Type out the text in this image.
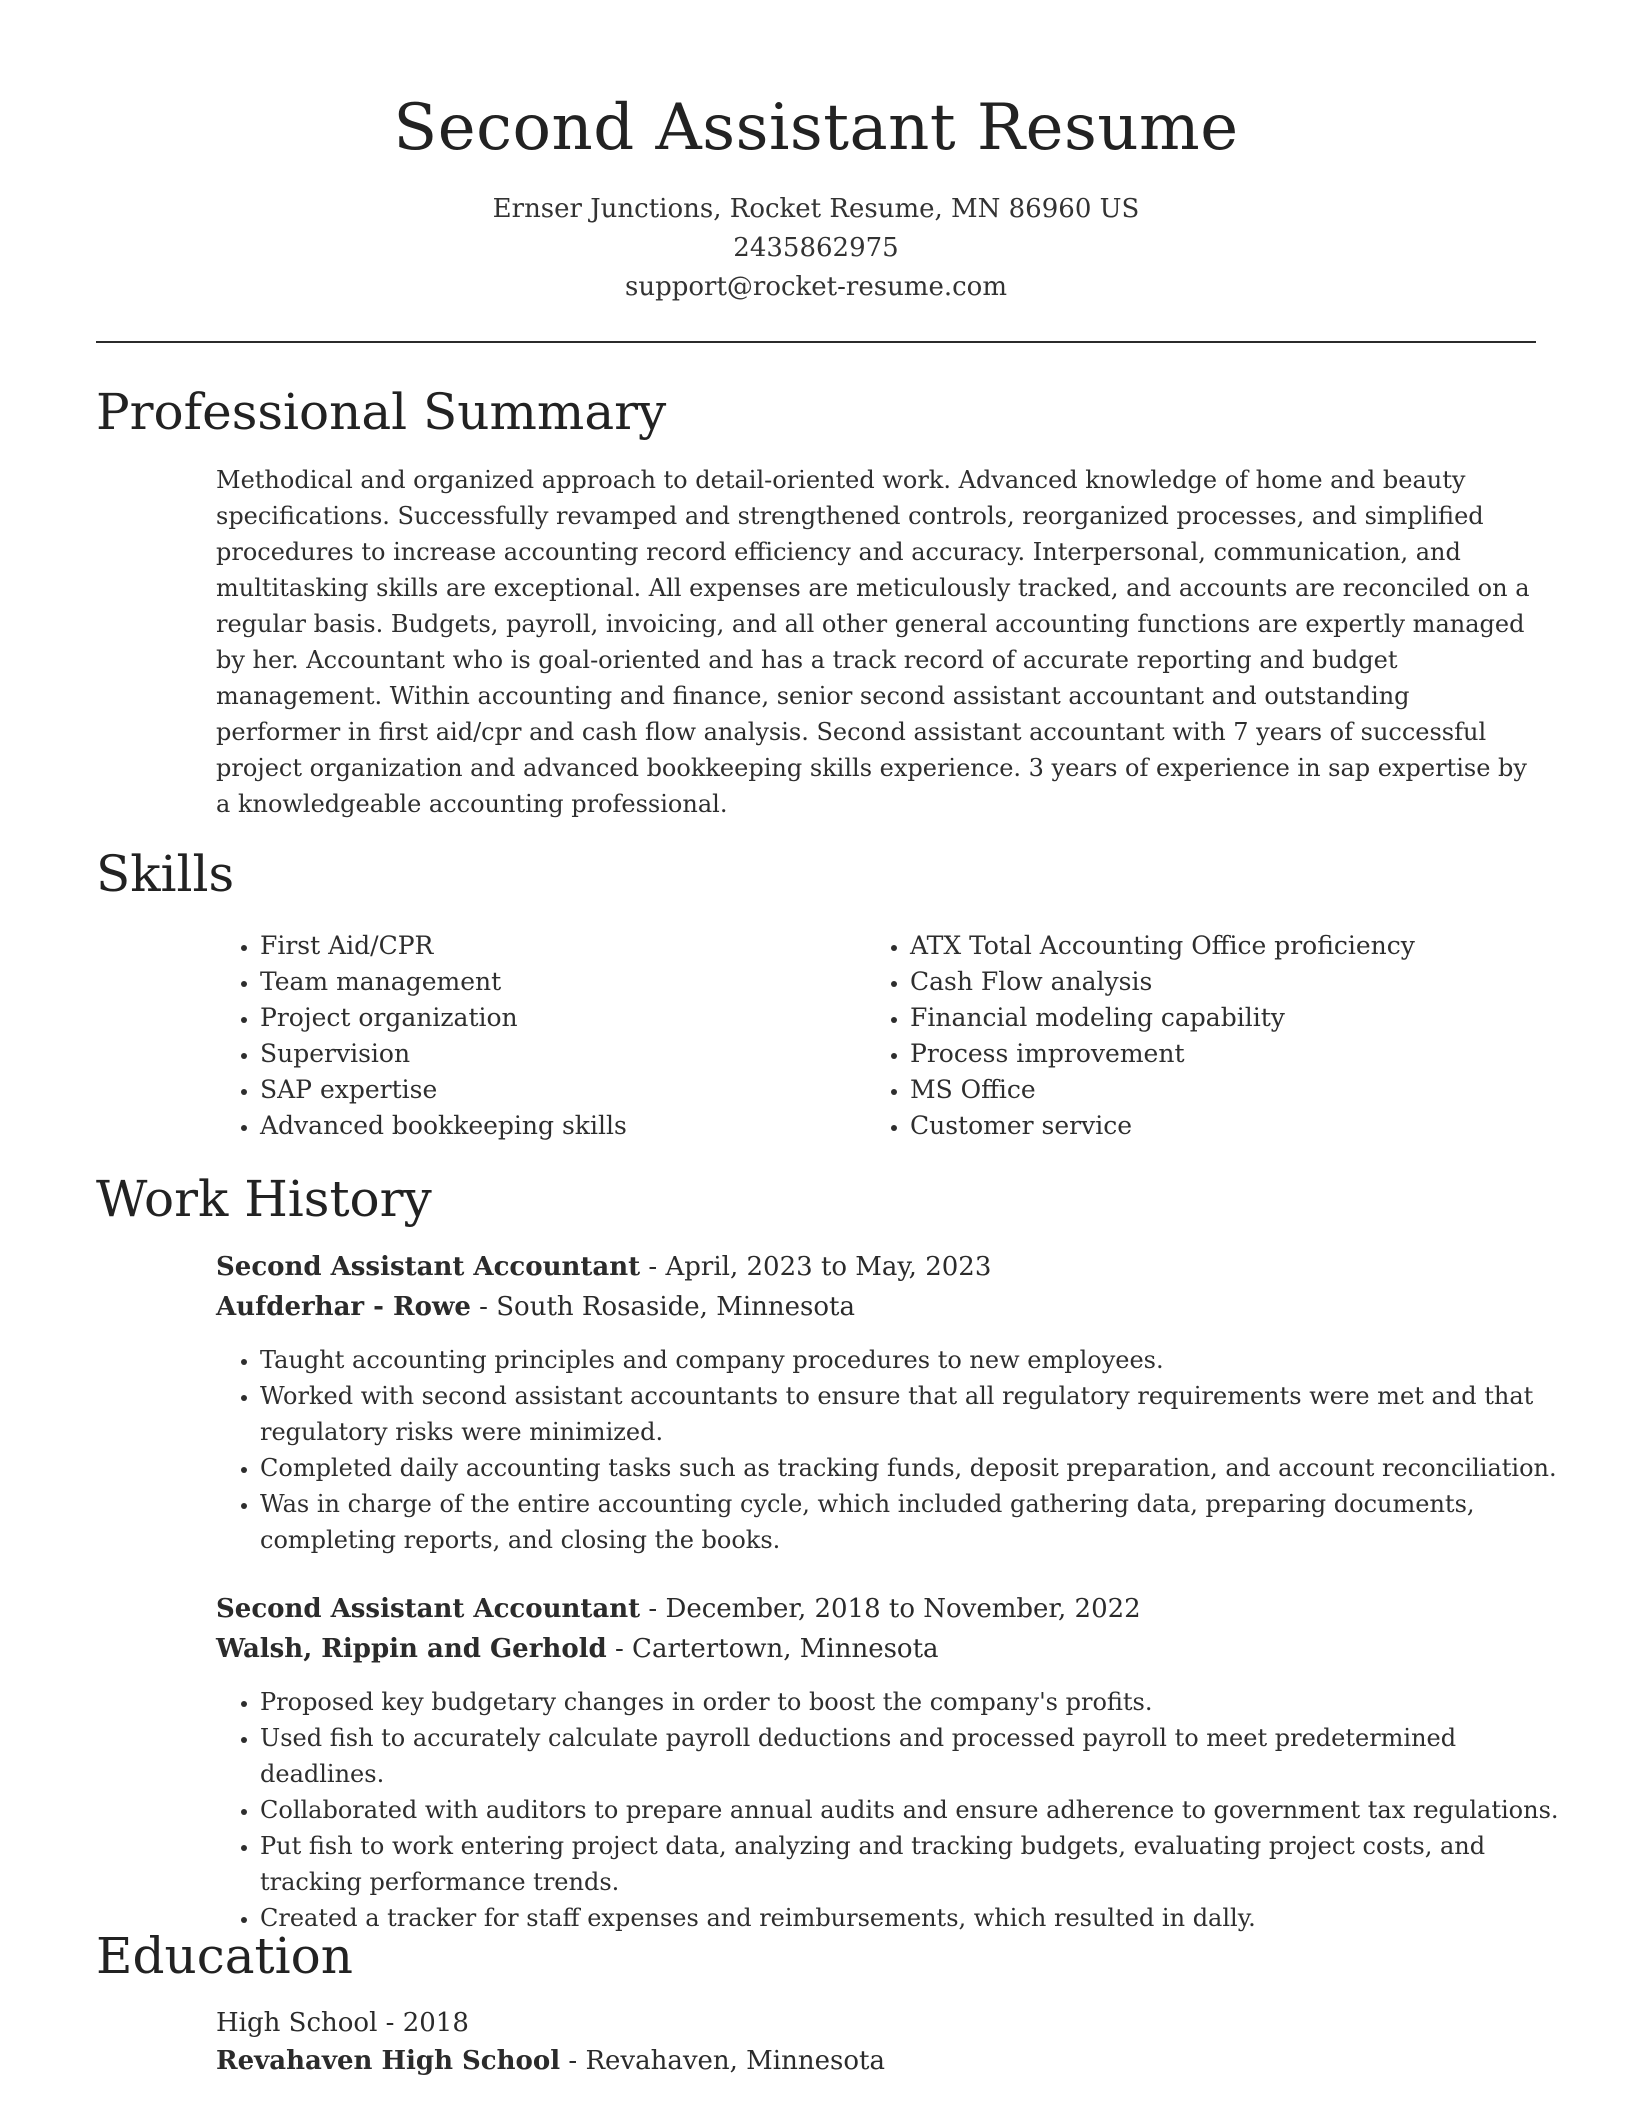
Second Assistant Resume
Ernser Junctions, Rocket Resume, MN 86960 US
2435862975
support@rocket-resume.com
Professional Summary

Methodical and organized approach to detail-oriented work. Advanced knowledge of home and beauty specifications. Successfully revamped and strengthened controls, reorganized processes, and simplified procedures to increase accounting record efficiency and accuracy. Interpersonal, communication, and multitasking skills are exceptional. All expenses are meticulously tracked, and accounts are reconciled on a regular basis. Budgets, payroll, invoicing, and all other general accounting functions are expertly managed by her. Accountant who is goal-oriented and has a track record of accurate reporting and budget management. Within accounting and finance, senior second assistant accountant and outstanding performer in first aid/cpr and cash flow analysis. Second assistant accountant with 7 years of successful project organization and advanced bookkeeping skills experience. 3 years of experience in sap expertise by a knowledgeable accounting professional.

Skills
• First Aid/CPR
• Team management
• Project organization
• Supervision
• SAP expertise
• Advanced bookkeeping skills
• ATX Total Accounting Office proficiency
• Cash Flow analysis
• Financial modeling capability
• Process improvement
• MS Office
• Customer service
Work History
Second Assistant Accountant - April, 2023 to May, 2023
Aufderhar - Rowe - South Rosaside, Minnesota
• Taught accounting principles and company procedures to new employees.
• Worked with second assistant accountants to ensure that all regulatory requirements were met and that regulatory risks were minimized.
• Completed daily accounting tasks such as tracking funds, deposit preparation, and account reconciliation.
• Was in charge of the entire accounting cycle, which included gathering data, preparing documents, completing reports, and closing the books.
Second Assistant Accountant - December, 2018 to November, 2022
Walsh, Rippin and Gerhold - Cartertown, Minnesota
• Proposed key budgetary changes in order to boost the company's profits.
• Used fish to accurately calculate payroll deductions and processed payroll to meet predetermined deadlines.
• Collaborated with auditors to prepare annual audits and ensure adherence to government tax regulations.
• Put fish to work entering project data, analyzing and tracking budgets, evaluating project costs, and tracking performance trends.
• Created a tracker for staff expenses and reimbursements, which resulted in dally.
Education
High School - 2018
Revahaven High School - Revahaven, Minnesota
